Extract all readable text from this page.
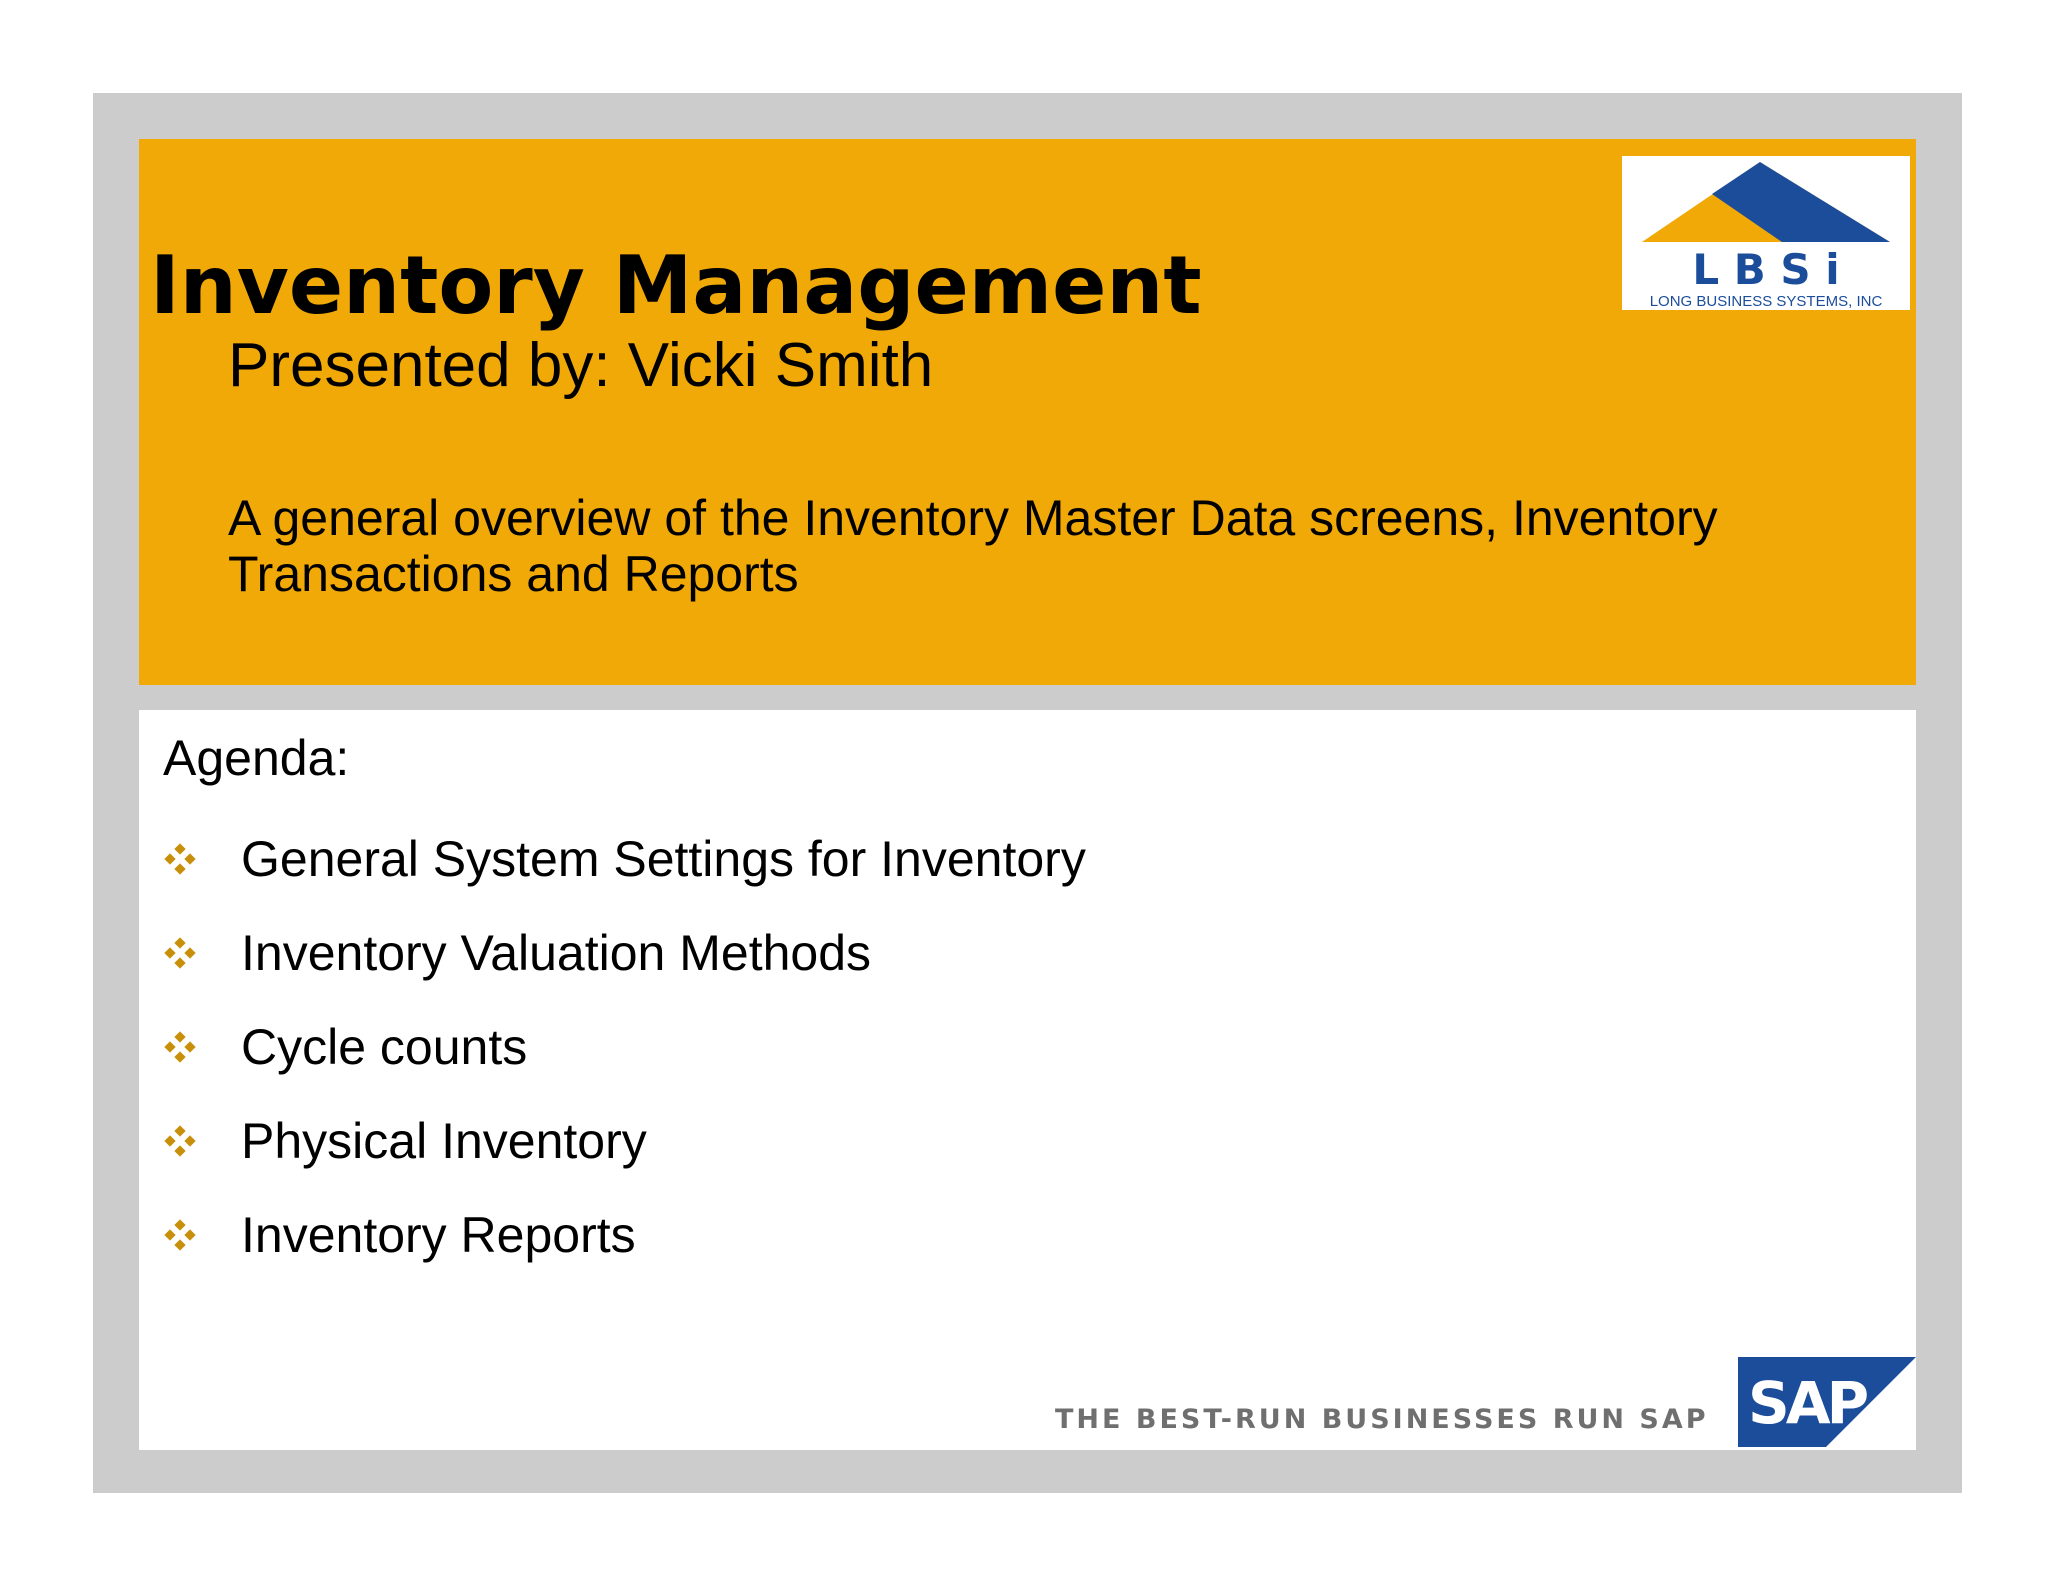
Inventory Management
Presented by: Vicki Smith
A general overview of the Inventory Master Data screens, Inventory Transactions and Reports
L B S i
LONG BUSINESS SYSTEMS, INC
Agenda:
General System Settings for Inventory
Inventory Valuation Methods
Cycle counts
Physical Inventory
Inventory Reports
THE BEST-RUN BUSINESSES RUN SAP SAP
